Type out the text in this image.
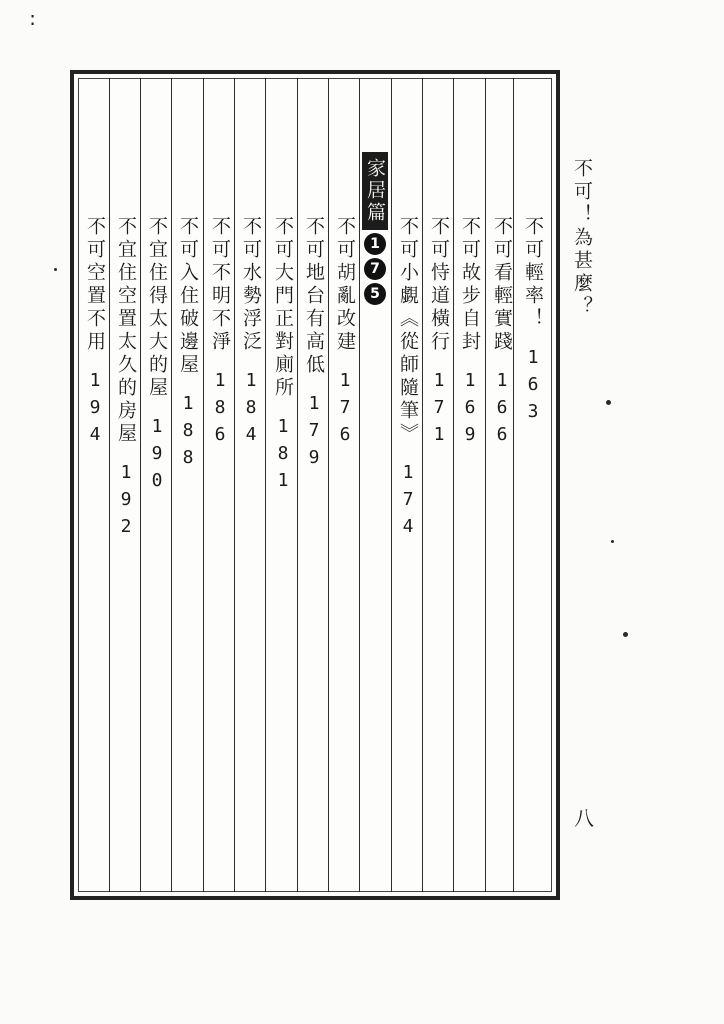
∶
家居篇
1
7
5	不可輕率！
163
不可看輕實踐
166
不可故步自封
169
不可恃道橫行
171
不可小覷《從師隨筆》
174
不可胡亂改建
176
不可地台有高低
179
不可大門正對廁所
181
不可水勢浮泛
184
不可不明不淨
186
不可入住破邊屋
188
不宜住得太大的屋
190
不宜住空置太久的房屋
192
不可空置不用
194
不可！為甚麼？
八
